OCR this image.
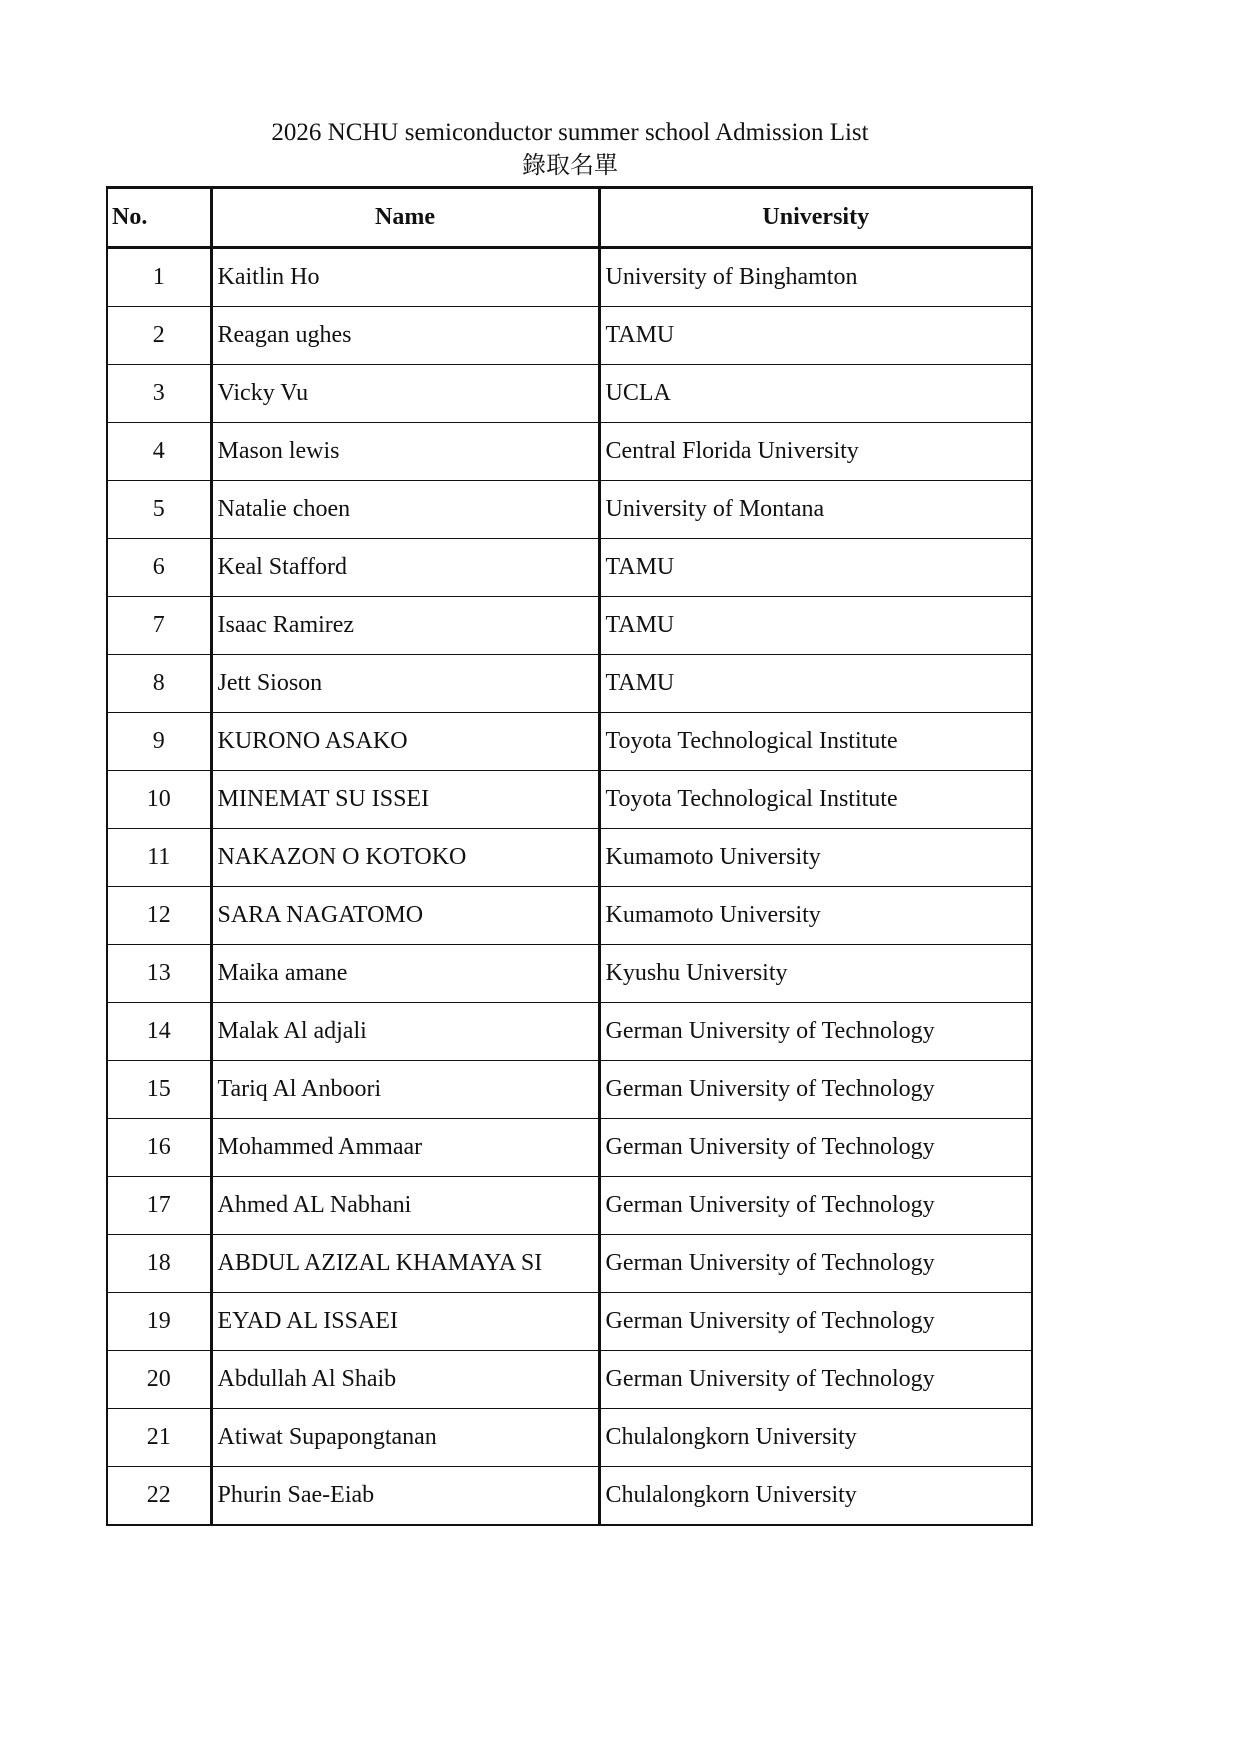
2026 NCHU semiconductor summer school Admission List
錄取名單
No.	Name	University
1	Kaitlin Ho	University of Binghamton
2	Reagan ughes	TAMU
3	Vicky Vu	UCLA
4	Mason lewis	Central Florida University
5	Natalie choen	University of Montana
6	Keal Stafford	TAMU
7	Isaac Ramirez	TAMU
8	Jett Sioson	TAMU
9	KURONO ASAKO	Toyota Technological Institute
10	MINEMAT SU ISSEI	Toyota Technological Institute
11	NAKAZON O KOTOKO	Kumamoto University
12	SARA NAGATOMO	Kumamoto University
13	Maika amane	Kyushu University
14	Malak Al adjali	German University of Technology
15	Tariq Al Anboori	German University of Technology
16	Mohammed Ammaar	German University of Technology
17	Ahmed AL Nabhani	German University of Technology
18	ABDUL AZIZAL KHAMAYA SI	German University of Technology
19	EYAD AL ISSAEI	German University of Technology
20	Abdullah Al Shaib	German University of Technology
21	Atiwat Supapongtanan	Chulalongkorn University
22	Phurin Sae-Eiab	Chulalongkorn University
